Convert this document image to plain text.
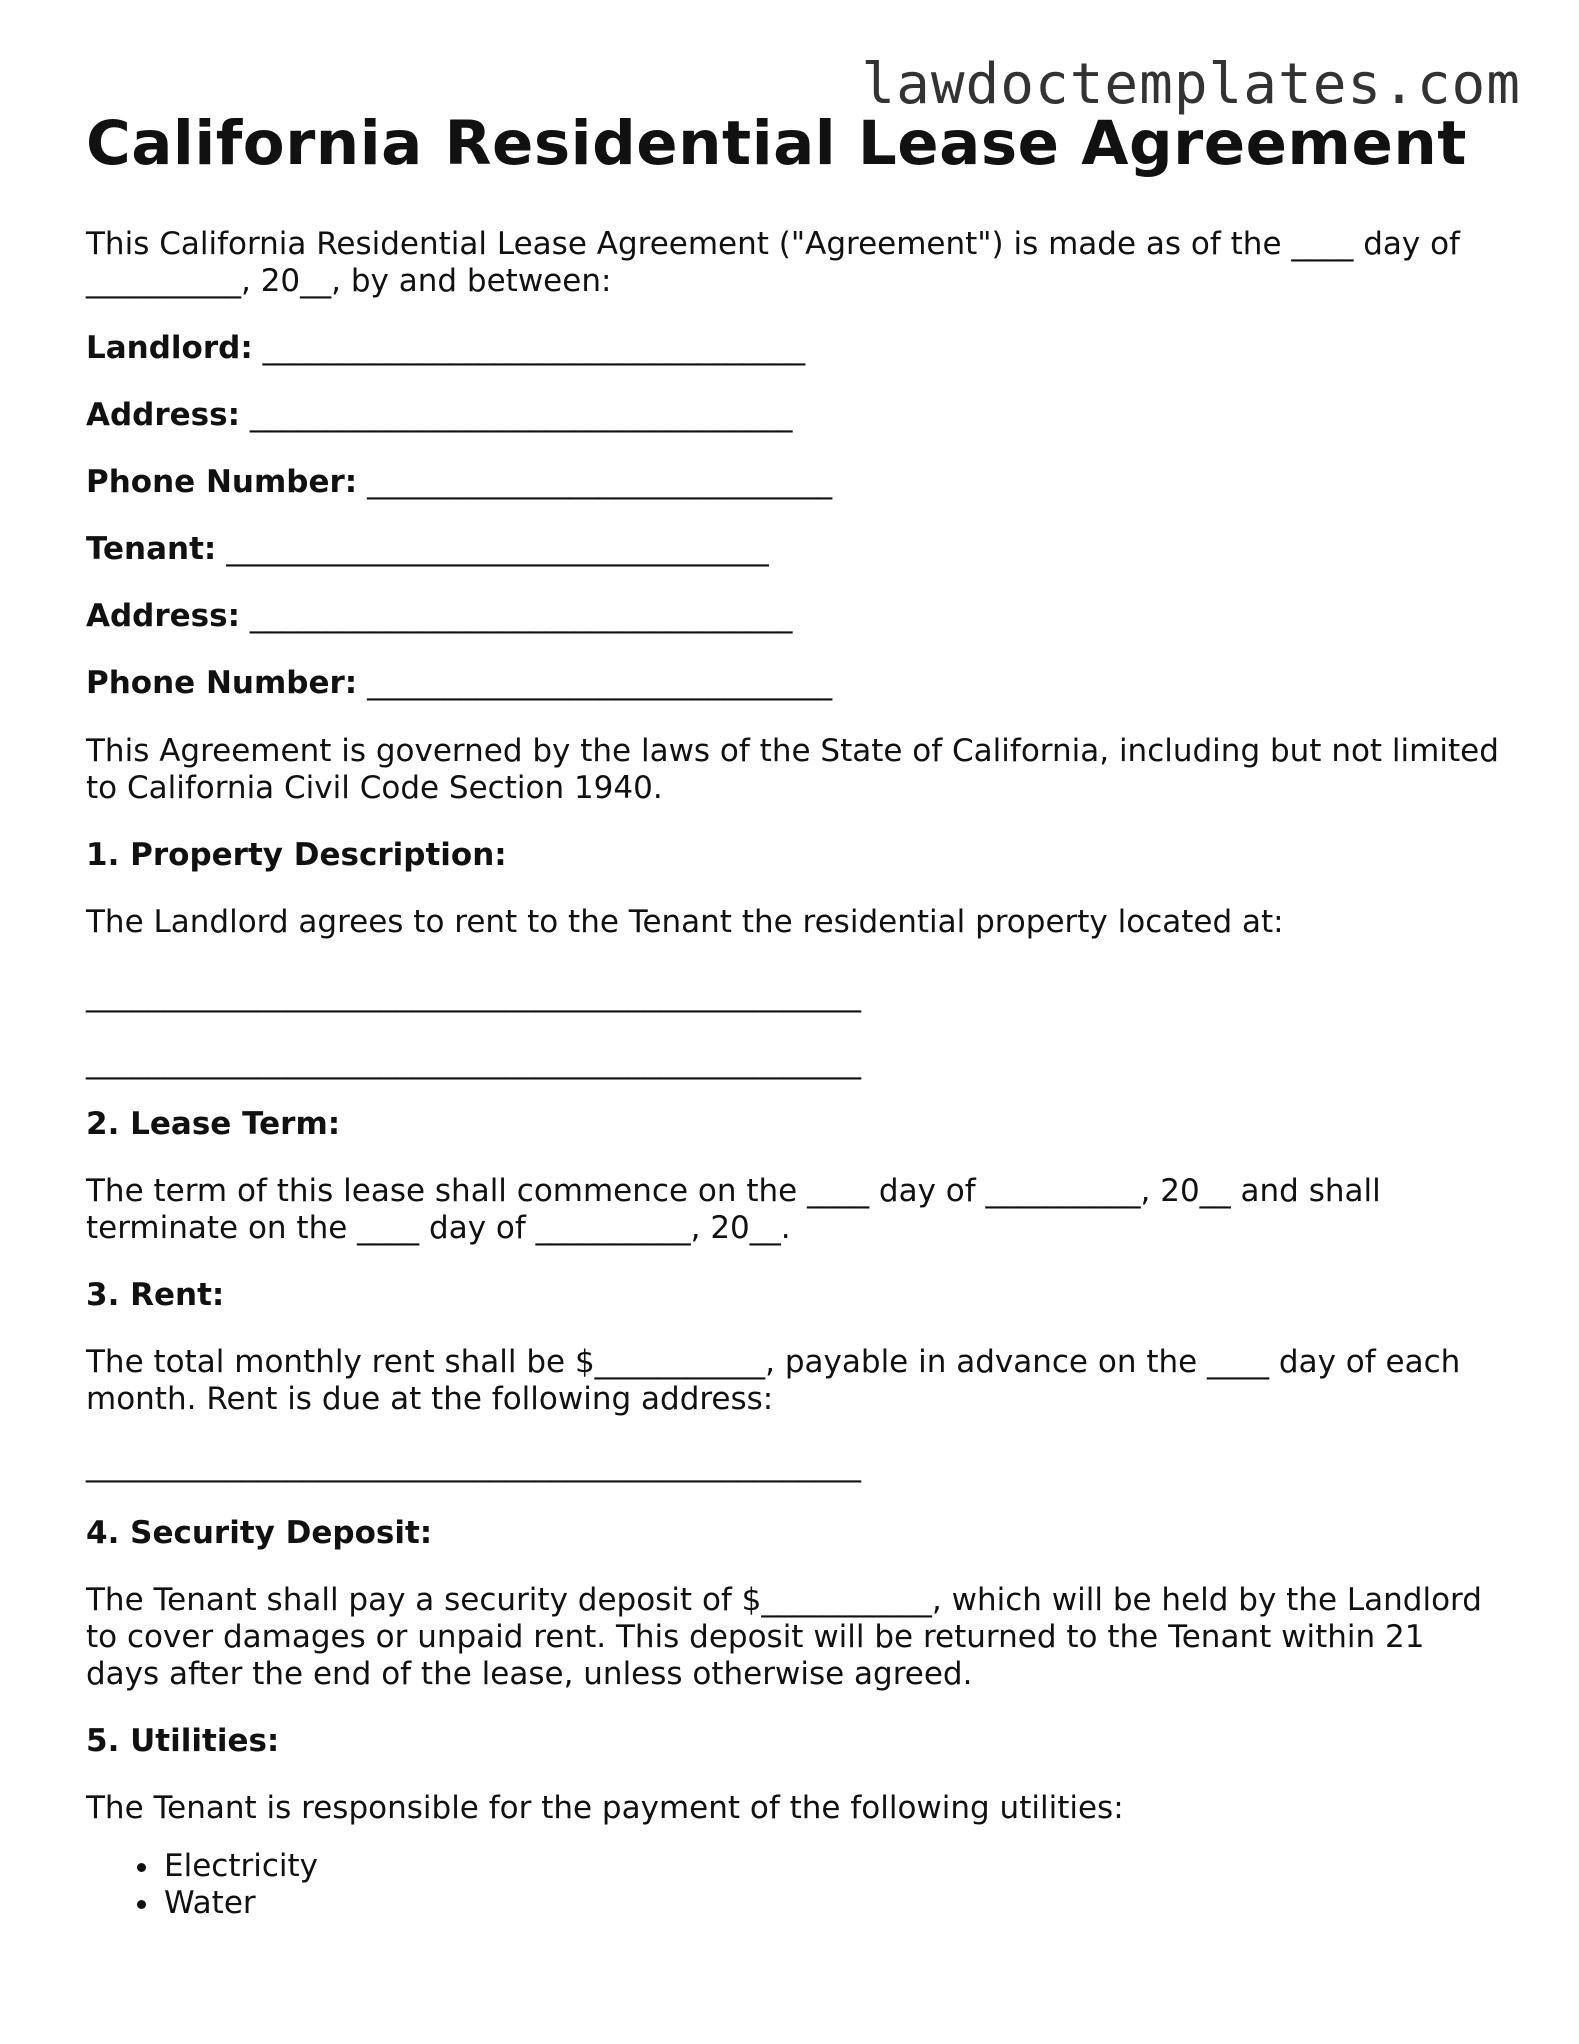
lawdoctemplates.com
California Residential Lease Agreement

This California Residential Lease Agreement ("Agreement") is made as of the ____ day of __________, 20__, by and between:

Landlord: ___________________________________
Address: ___________________________________
Phone Number: ______________________________
Tenant: ___________________________________
Address: ___________________________________
Phone Number: ______________________________

This Agreement is governed by the laws of the State of California, including but not limited to California Civil Code Section 1940.

1. Property Description:

The Landlord agrees to rent to the Tenant the residential property located at:

__________________________________________________
__________________________________________________
2. Lease Term:

The term of this lease shall commence on the ____ day of __________, 20__ and shall terminate on the ____ day of __________, 20__.

3. Rent:

The total monthly rent shall be $___________, payable in advance on the ____ day of each month. Rent is due at the following address:

__________________________________________________
4. Security Deposit:

The Tenant shall pay a security deposit of $___________, which will be held by the Landlord to cover damages or unpaid rent. This deposit will be returned to the Tenant within 21 days after the end of the lease, unless otherwise agreed.

5. Utilities:

The Tenant is responsible for the payment of the following utilities:

• Electricity
• Water
